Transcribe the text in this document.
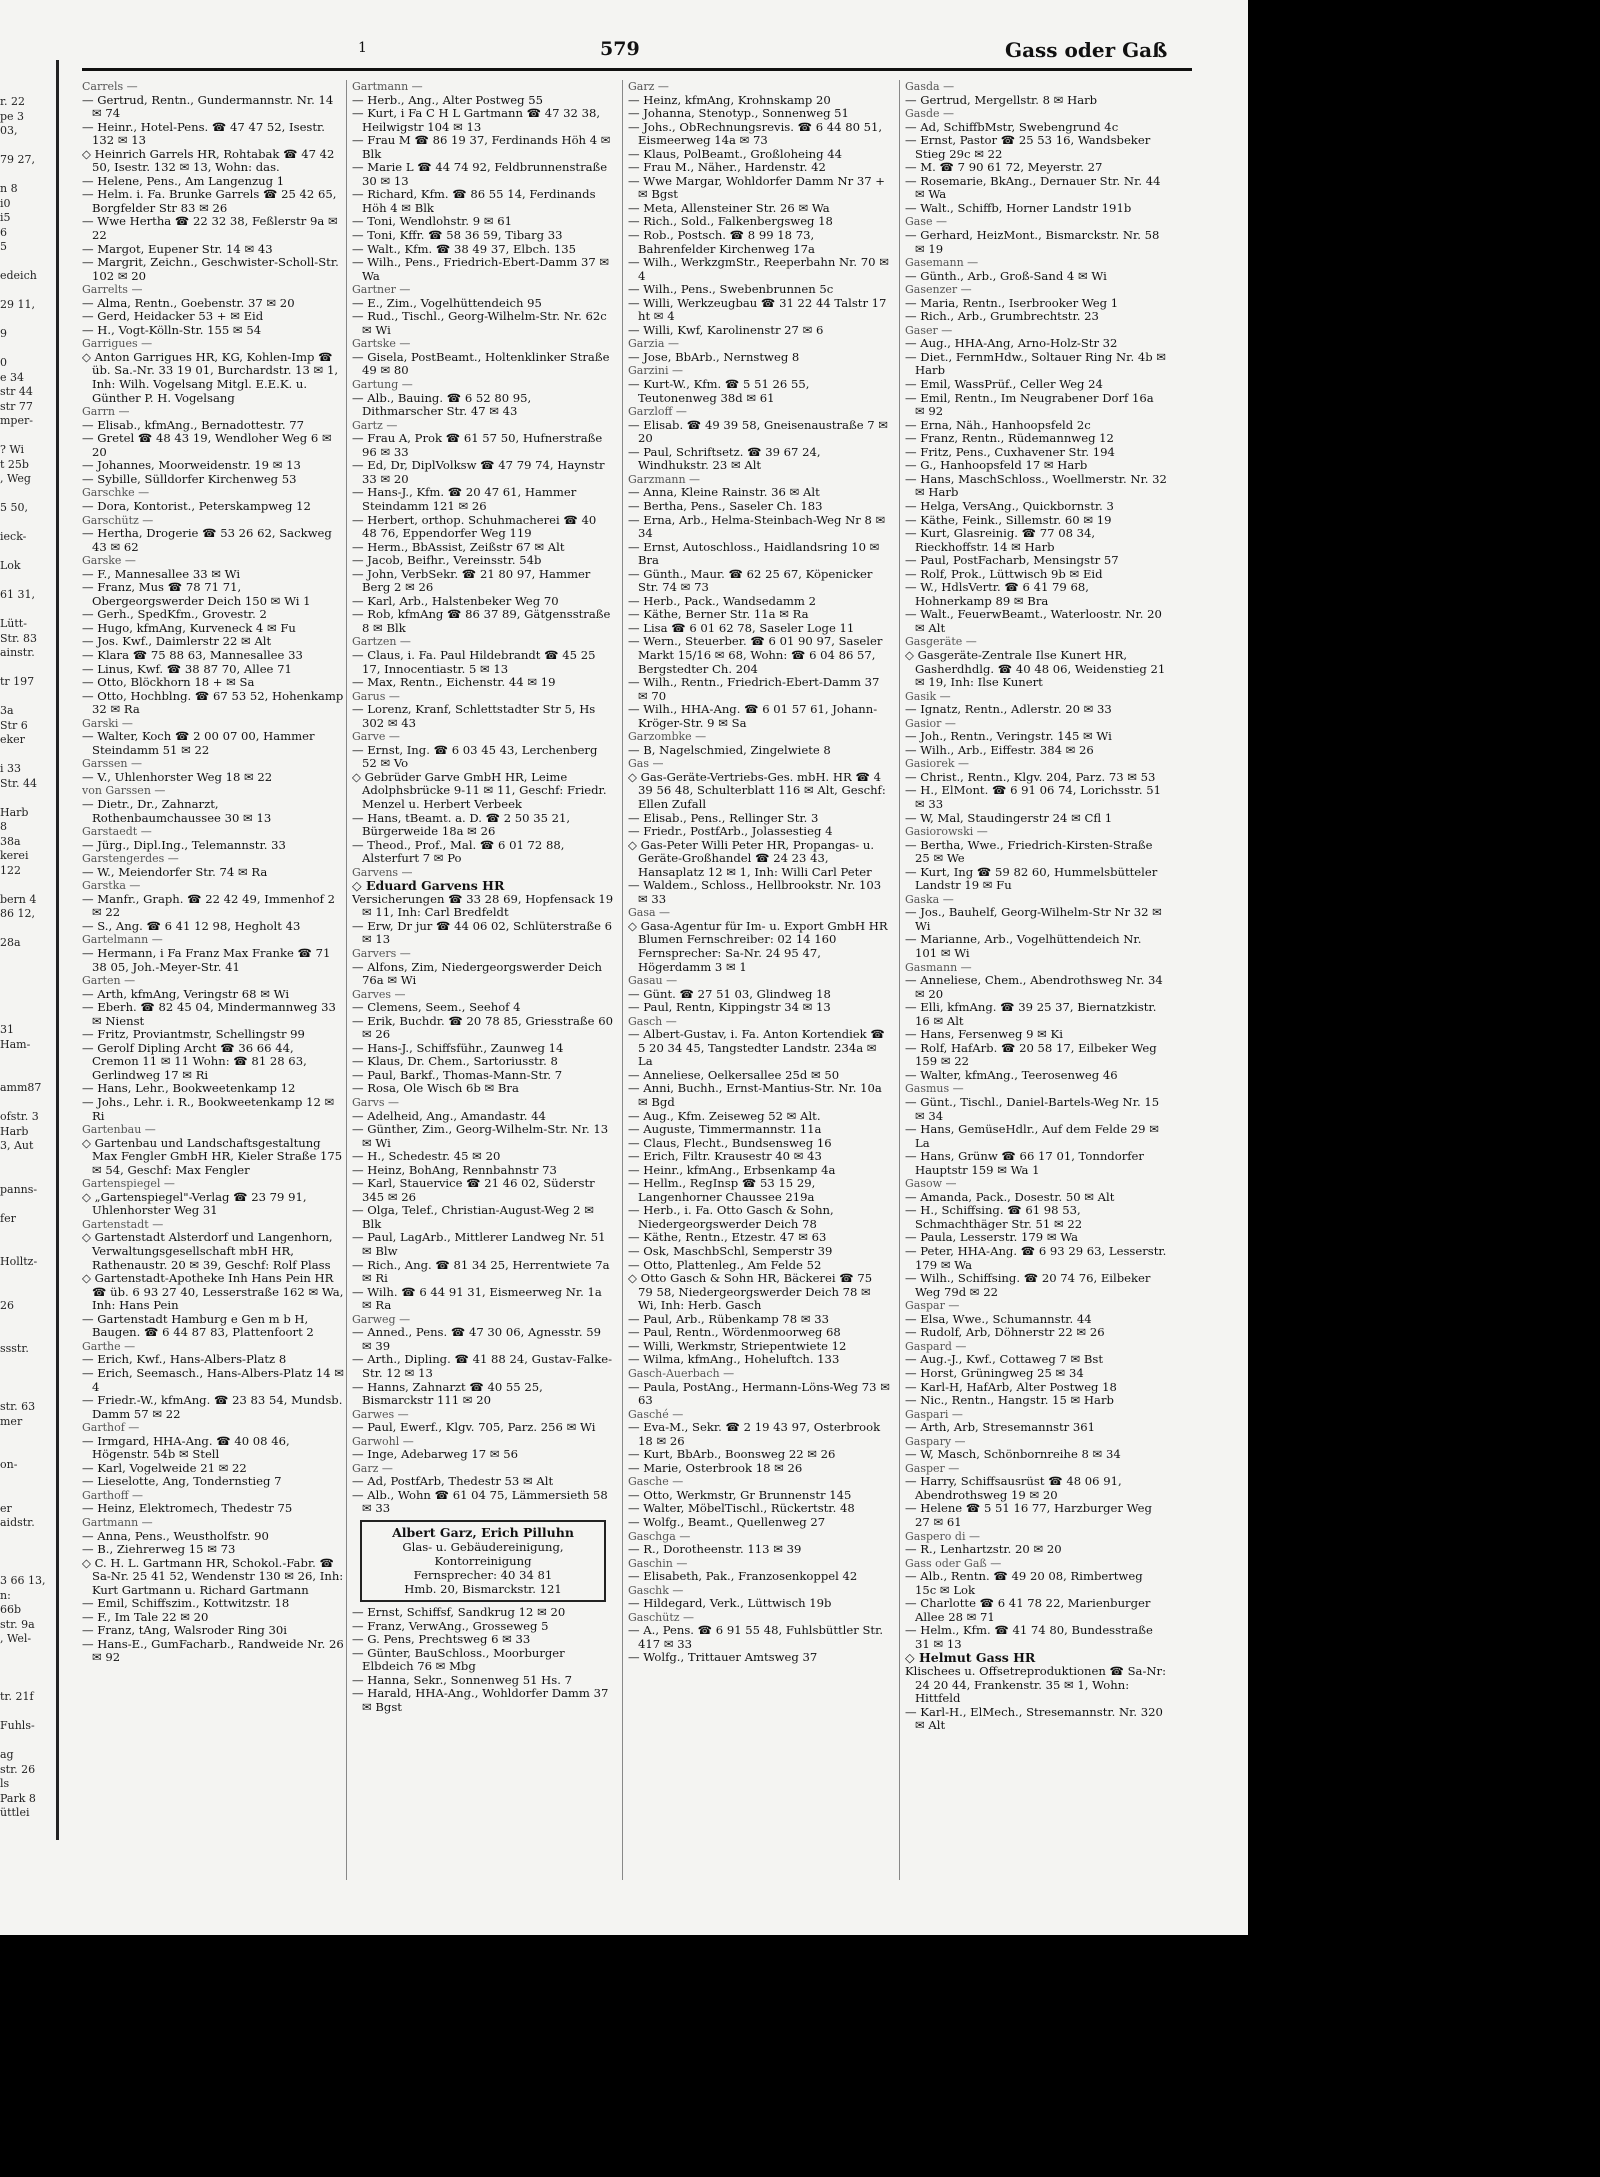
r. 22
pe 3
03,

79 27,

n 8
i0
i5
6
5

edeich

29 11,

9

0
e 34
str 44
str 77
mper-

? Wi
t 25b
, Weg

5 50,

ieck-

Lok

61 31,

Lütt-
Str. 83
ainstr.

tr 197

3a
Str 6
eker

i 33
Str. 44

Harb
8
38a
kerei
122

bern 4
86 12,

28a

31
Ham-

amm87

ofstr. 3
Harb
3, Aut

panns-

fer

Holltz-

26

ssstr.

str. 63
mer

on-

er
aidstr.

3 66 13,
n:
66b
str. 9a
, Wel-

tr. 21f

Fuhls-

ag
str. 26
ls
Park 8
üttlei
1	579	Gass oder Gaß

Carrels —

— Gertrud, Rentn., Gundermannstr. Nr. 14 ✉ 74

— Heinr., Hotel-Pens. ☎ 47 47 52, Isestr. 132 ✉ 13

◇ Heinrich Garrels HR, Rohtabak ☎ 47 42 50, Isestr. 132 ✉ 13, Wohn: das.

— Helene, Pens., Am Langenzug 1

— Helm. i. Fa. Brunke Garrels ☎ 25 42 65, Borgfelder Str 83 ✉ 26

— Wwe Hertha ☎ 22 32 38, Feßlerstr 9a ✉ 22

— Margot, Eupener Str. 14 ✉ 43

— Margrit, Zeichn., Geschwister-Scholl-Str. 102 ✉ 20

Garrelts —

— Alma, Rentn., Goebenstr. 37 ✉ 20

— Gerd, Heidacker 53 + ✉ Eid

— H., Vogt-Kölln-Str. 155 ✉ 54

Garrigues —

◇ Anton Garrigues HR, KG, Kohlen-Imp ☎ üb. Sa.-Nr. 33 19 01, Burchardstr. 13 ✉ 1, Inh: Wilh. Vogelsang Mitgl. E.E.K. u. Günther P. H. Vogelsang

Garrn —

— Elisab., kfmAng., Bernadottestr. 77

— Gretel ☎ 48 43 19, Wendloher Weg 6 ✉ 20

— Johannes, Moorweidenstr. 19 ✉ 13

— Sybille, Sülldorfer Kirchenweg 53

Garschke —

— Dora, Kontorist., Peterskampweg 12

Garschütz —

— Hertha, Drogerie ☎ 53 26 62, Sackweg 43 ✉ 62

Garske —

— F., Mannesallee 33 ✉ Wi

— Franz, Mus ☎ 78 71 71, Obergeorgswerder Deich 150 ✉ Wi 1

— Gerh., SpedKfm., Grovestr. 2

— Hugo, kfmAng, Kurveneck 4 ✉ Fu

— Jos. Kwf., Daimlerstr 22 ✉ Alt

— Klara ☎ 75 88 63, Mannesallee 33

— Linus, Kwf. ☎ 38 87 70, Allee 71

— Otto, Blöckhorn 18 + ✉ Sa

— Otto, Hochblng. ☎ 67 53 52, Hohenkamp 32 ✉ Ra

Garski —

— Walter, Koch ☎ 2 00 07 00, Hammer Steindamm 51 ✉ 22

Garssen —

— V., Uhlenhorster Weg 18 ✉ 22

von Garssen —

— Dietr., Dr., Zahnarzt, Rothenbaumchaussee 30 ✉ 13

Garstaedt —

— Jürg., Dipl.Ing., Telemannstr. 33

Garstengerdes —

— W., Meiendorfer Str. 74 ✉ Ra

Garstka —

— Manfr., Graph. ☎ 22 42 49, Immenhof 2 ✉ 22

— S., Ang. ☎ 6 41 12 98, Hegholt 43

Gartelmann —

— Hermann, i Fa Franz Max Franke ☎ 71 38 05, Joh.-Meyer-Str. 41

Garten —

— Arth, kfmAng, Veringstr 68 ✉ Wi

— Eberh. ☎ 82 45 04, Mindermannweg 33 ✉ Nienst

— Fritz, Proviantmstr, Schellingstr 99

— Gerolf Dipling Archt ☎ 36 66 44, Cremon 11 ✉ 11 Wohn: ☎ 81 28 63, Gerlindweg 17 ✉ Ri

— Hans, Lehr., Bookweetenkamp 12

— Johs., Lehr. i. R., Bookweetenkamp 12 ✉ Ri

Gartenbau —

◇ Gartenbau und Landschaftsgestaltung Max Fengler GmbH HR, Kieler Straße 175 ✉ 54, Geschf: Max Fengler

Gartenspiegel —

◇ „Gartenspiegel"-Verlag ☎ 23 79 91, Uhlenhorster Weg 31

Gartenstadt —

◇ Gartenstadt Alsterdorf und Langenhorn, Verwaltungsgesellschaft mbH HR, Rathenaustr. 20 ✉ 39, Geschf: Rolf Plass

◇ Gartenstadt-Apotheke Inh Hans Pein HR ☎ üb. 6 93 27 40, Lesserstraße 162 ✉ Wa, Inh: Hans Pein

— Gartenstadt Hamburg e Gen m b H, Baugen. ☎ 6 44 87 83, Plattenfoort 2

Garthe —

— Erich, Kwf., Hans-Albers-Platz 8

— Erich, Seemasch., Hans-Albers-Platz 14 ✉ 4

— Friedr.-W., kfmAng. ☎ 23 83 54, Mundsb. Damm 57 ✉ 22

Garthof —

— Irmgard, HHA-Ang. ☎ 40 08 46, Högenstr. 54b ✉ Stell

— Karl, Vogelweide 21 ✉ 22

— Lieselotte, Ang, Tondernstieg 7

Garthoff —

— Heinz, Elektromech, Thedestr 75

Gartmann —

— Anna, Pens., Weustholfstr. 90

— B., Ziehrerweg 15 ✉ 73

◇ C. H. L. Gartmann HR, Schokol.-Fabr. ☎ Sa-Nr. 25 41 52, Wendenstr 130 ✉ 26, Inh: Kurt Gartmann u. Richard Gartmann

— Emil, Schiffszim., Kottwitzstr. 18

— F., Im Tale 22 ✉ 20

— Franz, tAng, Walsroder Ring 30i

— Hans-E., GumFacharb., Randweide Nr. 26 ✉ 92

Gartmann —

— Herb., Ang., Alter Postweg 55

— Kurt, i Fa C H L Gartmann ☎ 47 32 38, Heilwigstr 104 ✉ 13

— Frau M ☎ 86 19 37, Ferdinands Höh 4 ✉ Blk

— Marie L ☎ 44 74 92, Feldbrunnenstraße 30 ✉ 13

— Richard, Kfm. ☎ 86 55 14, Ferdinands Höh 4 ✉ Blk

— Toni, Wendlohstr. 9 ✉ 61

— Toni, Kffr. ☎ 58 36 59, Tibarg 33

— Walt., Kfm. ☎ 38 49 37, Elbch. 135

— Wilh., Pens., Friedrich-Ebert-Damm 37 ✉ Wa

Gartner —

— E., Zim., Vogelhüttendeich 95

— Rud., Tischl., Georg-Wilhelm-Str. Nr. 62c ✉ Wi

Gartske —

— Gisela, PostBeamt., Holtenklinker Straße 49 ✉ 80

Gartung —

— Alb., Bauing. ☎ 6 52 80 95, Dithmarscher Str. 47 ✉ 43

Gartz —

— Frau A, Prok ☎ 61 57 50, Hufnerstraße 96 ✉ 33

— Ed, Dr, DiplVolksw ☎ 47 79 74, Haynstr 33 ✉ 20

— Hans-J., Kfm. ☎ 20 47 61, Hammer Steindamm 121 ✉ 26

— Herbert, orthop. Schuhmacherei ☎ 40 48 76, Eppendorfer Weg 119

— Herm., BbAssist, Zeißstr 67 ✉ Alt

— Jacob, Beifhr., Vereinsstr. 54b

— John, VerbSekr. ☎ 21 80 97, Hammer Berg 2 ✉ 26

— Karl, Arb., Halstenbeker Weg 70

— Rob, kfmAng ☎ 86 37 89, Gätgensstraße 8 ✉ Blk

Gartzen —

— Claus, i. Fa. Paul Hildebrandt ☎ 45 25 17, Innocentiastr. 5 ✉ 13

— Max, Rentn., Eichenstr. 44 ✉ 19

Garus —

— Lorenz, Kranf, Schlettstadter Str 5, Hs 302 ✉ 43

Garve —

— Ernst, Ing. ☎ 6 03 45 43, Lerchenberg 52 ✉ Vo

◇ Gebrüder Garve GmbH HR, Leime Adolphsbrücke 9-11 ✉ 11, Geschf: Friedr. Menzel u. Herbert Verbeek

— Hans, tBeamt. a. D. ☎ 2 50 35 21, Bürgerweide 18a ✉ 26

— Theod., Prof., Mal. ☎ 6 01 72 88, Alsterfurt 7 ✉ Po

Garvens —

◇ Eduard Garvens HR

Versicherungen ☎ 33 28 69, Hopfensack 19 ✉ 11, Inh: Carl Bredfeldt

— Erw, Dr jur ☎ 44 06 02, Schlüterstraße 6 ✉ 13

Garvers —

— Alfons, Zim, Niedergeorgswerder Deich 76a ✉ Wi

Garves —

— Clemens, Seem., Seehof 4

— Erik, Buchdr. ☎ 20 78 85, Griesstraße 60 ✉ 26

— Hans-J., Schiffsführ., Zaunweg 14

— Klaus, Dr. Chem., Sartoriusstr. 8

— Paul, Barkf., Thomas-Mann-Str. 7

— Rosa, Ole Wisch 6b ✉ Bra

Garvs —

— Adelheid, Ang., Amandastr. 44

— Günther, Zim., Georg-Wilhelm-Str. Nr. 13 ✉ Wi

— H., Schedestr. 45 ✉ 20

— Heinz, BohAng, Rennbahnstr 73

— Karl, Stauervice ☎ 21 46 02, Süderstr 345 ✉ 26

— Olga, Telef., Christian-August-Weg 2 ✉ Blk

— Paul, LagArb., Mittlerer Landweg Nr. 51 ✉ Blw

— Rich., Ang. ☎ 81 34 25, Herrentwiete 7a ✉ Ri

— Wilh. ☎ 6 44 91 31, Eismeerweg Nr. 1a ✉ Ra

Garweg —

— Anned., Pens. ☎ 47 30 06, Agnesstr. 59 ✉ 39

— Arth., Dipling. ☎ 41 88 24, Gustav-Falke-Str. 12 ✉ 13

— Hanns, Zahnarzt ☎ 40 55 25, Bismarckstr 111 ✉ 20

Garwes —

— Paul, Ewerf., Klgv. 705, Parz. 256 ✉ Wi

Garwohl —

— Inge, Adebarweg 17 ✉ 56

Garz —

— Ad, PostfArb, Thedestr 53 ✉ Alt

— Alb., Wohn ☎ 61 04 75, Lämmersieth 58 ✉ 33

Albert Garz, Erich Pilluhn
Glas- u. Gebäudereinigung, Kontorreinigung
Fernsprecher: 40 34 81
Hmb. 20, Bismarckstr. 121

— Ernst, Schiffsf, Sandkrug 12 ✉ 20

— Franz, VerwAng., Grosseweg 5

— G. Pens, Prechtsweg 6 ✉ 33

— Günter, BauSchloss., Moorburger Elbdeich 76 ✉ Mbg

— Hanna, Sekr., Sonnenweg 51 Hs. 7

— Harald, HHA-Ang., Wohldorfer Damm 37 ✉ Bgst

Garz —

— Heinz, kfmAng, Krohnskamp 20

— Johanna, Stenotyp., Sonnenweg 51

— Johs., ObRechnungsrevis. ☎ 6 44 80 51, Eismeerweg 14a ✉ 73

— Klaus, PolBeamt., Großloheing 44

— Frau M., Näher., Hardenstr. 42

— Wwe Margar, Wohldorfer Damm Nr 37 + ✉ Bgst

— Meta, Allensteiner Str. 26 ✉ Wa

— Rich., Sold., Falkenbergsweg 18

— Rob., Postsch. ☎ 8 99 18 73, Bahrenfelder Kirchenweg 17a

— Wilh., WerkzgmStr., Reeperbahn Nr. 70 ✉ 4

— Wilh., Pens., Swebenbrunnen 5c

— Willi, Werkzeugbau ☎ 31 22 44 Talstr 17 ht ✉ 4

— Willi, Kwf, Karolinenstr 27 ✉ 6

Garzia —

— Jose, BbArb., Nernstweg 8

Garzini —

— Kurt-W., Kfm. ☎ 5 51 26 55, Teutonenweg 38d ✉ 61

Garzloff —

— Elisab. ☎ 49 39 58, Gneisenaustraße 7 ✉ 20

— Paul, Schriftsetz. ☎ 39 67 24, Windhukstr. 23 ✉ Alt

Garzmann —

— Anna, Kleine Rainstr. 36 ✉ Alt

— Bertha, Pens., Saseler Ch. 183

— Erna, Arb., Helma-Steinbach-Weg Nr 8 ✉ 34

— Ernst, Autoschloss., Haidlandsring 10 ✉ Bra

— Günth., Maur. ☎ 62 25 67, Köpenicker Str. 74 ✉ 73

— Herb., Pack., Wandsedamm 2

— Käthe, Berner Str. 11a ✉ Ra

— Lisa ☎ 6 01 62 78, Saseler Loge 11

— Wern., Steuerber. ☎ 6 01 90 97, Saseler Markt 15/16 ✉ 68, Wohn: ☎ 6 04 86 57, Bergstedter Ch. 204

— Wilh., Rentn., Friedrich-Ebert-Damm 37 ✉ 70

— Wilh., HHA-Ang. ☎ 6 01 57 61, Johann-Kröger-Str. 9 ✉ Sa

Garzombke —

— B, Nagelschmied, Zingelwiete 8

Gas —

◇ Gas-Geräte-Vertriebs-Ges. mbH. HR ☎ 4 39 56 48, Schulterblatt 116 ✉ Alt, Geschf: Ellen Zufall

— Elisab., Pens., Rellinger Str. 3

— Friedr., PostfArb., Jolassestieg 4

◇ Gas-Peter Willi Peter HR, Propangas- u. Geräte-Großhandel ☎ 24 23 43, Hansaplatz 12 ✉ 1, Inh: Willi Carl Peter

— Waldem., Schloss., Hellbrookstr. Nr. 103 ✉ 33

Gasa —

◇ Gasa-Agentur für Im- u. Export GmbH HR Blumen Fernschreiber: 02 14 160 Fernsprecher: Sa-Nr. 24 95 47, Högerdamm 3 ✉ 1

Gasau —

— Günt. ☎ 27 51 03, Glindweg 18

— Paul, Rentn, Kippingstr 34 ✉ 13

Gasch —

— Albert-Gustav, i. Fa. Anton Kortendiek ☎ 5 20 34 45, Tangstedter Landstr. 234a ✉ La

— Anneliese, Oelkersallee 25d ✉ 50

— Anni, Buchh., Ernst-Mantius-Str. Nr. 10a ✉ Bgd

— Aug., Kfm. Zeiseweg 52 ✉ Alt.

— Auguste, Timmermannstr. 11a

— Claus, Flecht., Bundsensweg 16

— Erich, Filtr. Krausestr 40 ✉ 43

— Heinr., kfmAng., Erbsenkamp 4a

— Hellm., RegInsp ☎ 53 15 29, Langenhorner Chaussee 219a

— Herb., i. Fa. Otto Gasch & Sohn, Niedergeorgswerder Deich 78

— Käthe, Rentn., Etzestr. 47 ✉ 63

— Osk, MaschbSchl, Semperstr 39

— Otto, Plattenleg., Am Felde 52

◇ Otto Gasch & Sohn HR, Bäckerei ☎ 75 79 58, Niedergeorgswerder Deich 78 ✉ Wi, Inh: Herb. Gasch

— Paul, Arb., Rübenkamp 78 ✉ 33

— Paul, Rentn., Wördenmoorweg 68

— Willi, Werkmstr, Striepentwiete 12

— Wilma, kfmAng., Hoheluftch. 133

Gasch-Auerbach —

— Paula, PostAng., Hermann-Löns-Weg 73 ✉ 63

Gasché —

— Eva-M., Sekr. ☎ 2 19 43 97, Osterbrook 18 ✉ 26

— Kurt, BbArb., Boonsweg 22 ✉ 26

— Marie, Osterbrook 18 ✉ 26

Gasche —

— Otto, Werkmstr, Gr Brunnenstr 145

— Walter, MöbelTischl., Rückertstr. 48

— Wolfg., Beamt., Quellenweg 27

Gaschga —

— R., Dorotheenstr. 113 ✉ 39

Gaschin —

— Elisabeth, Pak., Franzosenkoppel 42

Gaschk —

— Hildegard, Verk., Lüttwisch 19b

Gaschütz —

— A., Pens. ☎ 6 91 55 48, Fuhlsbüttler Str. 417 ✉ 33

— Wolfg., Trittauer Amtsweg 37

Gasda —

— Gertrud, Mergellstr. 8 ✉ Harb

Gasde —

— Ad, SchiffbMstr, Swebengrund 4c

— Ernst, Pastor ☎ 25 53 16, Wandsbeker Stieg 29c ✉ 22

— M. ☎ 7 90 61 72, Meyerstr. 27

— Rosemarie, BkAng., Dernauer Str. Nr. 44 ✉ Wa

— Walt., Schiffb, Horner Landstr 191b

Gase —

— Gerhard, HeizMont., Bismarckstr. Nr. 58 ✉ 19

Gasemann —

— Günth., Arb., Groß-Sand 4 ✉ Wi

Gasenzer —

— Maria, Rentn., Iserbrooker Weg 1

— Rich., Arb., Grumbrechtstr. 23

Gaser —

— Aug., HHA-Ang, Arno-Holz-Str 32

— Diet., FernmHdw., Soltauer Ring Nr. 4b ✉ Harb

— Emil, WassPrüf., Celler Weg 24

— Emil, Rentn., Im Neugrabener Dorf 16a ✉ 92

— Erna, Näh., Hanhoopsfeld 2c

— Franz, Rentn., Rüdemannweg 12

— Fritz, Pens., Cuxhavener Str. 194

— G., Hanhoopsfeld 17 ✉ Harb

— Hans, MaschSchloss., Woellmerstr. Nr. 32 ✉ Harb

— Helga, VersAng., Quickbornstr. 3

— Käthe, Feink., Sillemstr. 60 ✉ 19

— Kurt, Glasreinig. ☎ 77 08 34, Rieckhoffstr. 14 ✉ Harb

— Paul, PostFacharb, Mensingstr 57

— Rolf, Prok., Lüttwisch 9b ✉ Eid

— W., HdlsVertr. ☎ 6 41 79 68, Hohnerkamp 89 ✉ Bra

— Walt., FeuerwBeamt., Waterloostr. Nr. 20 ✉ Alt

Gasgeräte —

◇ Gasgeräte-Zentrale Ilse Kunert HR, Gasherdhdlg. ☎ 40 48 06, Weidenstieg 21 ✉ 19, Inh: Ilse Kunert

Gasik —

— Ignatz, Rentn., Adlerstr. 20 ✉ 33

Gasior —

— Joh., Rentn., Veringstr. 145 ✉ Wi

— Wilh., Arb., Eiffestr. 384 ✉ 26

Gasiorek —

— Christ., Rentn., Klgv. 204, Parz. 73 ✉ 53

— H., ElMont. ☎ 6 91 06 74, Lorichsstr. 51 ✉ 33

— W, Mal, Staudingerstr 24 ✉ Cfl 1

Gasiorowski —

— Bertha, Wwe., Friedrich-Kirsten-Straße 25 ✉ We

— Kurt, Ing ☎ 59 82 60, Hummelsbütteler Landstr 19 ✉ Fu

Gaska —

— Jos., Bauhelf, Georg-Wilhelm-Str Nr 32 ✉ Wi

— Marianne, Arb., Vogelhüttendeich Nr. 101 ✉ Wi

Gasmann —

— Anneliese, Chem., Abendrothsweg Nr. 34 ✉ 20

— Elli, kfmAng. ☎ 39 25 37, Biernatzkistr. 16 ✉ Alt

— Hans, Fersenweg 9 ✉ Ki

— Rolf, HafArb. ☎ 20 58 17, Eilbeker Weg 159 ✉ 22

— Walter, kfmAng., Teerosenweg 46

Gasmus —

— Günt., Tischl., Daniel-Bartels-Weg Nr. 15 ✉ 34

— Hans, GemüseHdlr., Auf dem Felde 29 ✉ La

— Hans, Grünw ☎ 66 17 01, Tonndorfer Hauptstr 159 ✉ Wa 1

Gasow —

— Amanda, Pack., Dosestr. 50 ✉ Alt

— H., Schiffsing. ☎ 61 98 53, Schmachthäger Str. 51 ✉ 22

— Paula, Lesserstr. 179 ✉ Wa

— Peter, HHA-Ang. ☎ 6 93 29 63, Lesserstr. 179 ✉ Wa

— Wilh., Schiffsing. ☎ 20 74 76, Eilbeker Weg 79d ✉ 22

Gaspar —

— Elsa, Wwe., Schumannstr. 44

— Rudolf, Arb, Döhnerstr 22 ✉ 26

Gaspard —

— Aug.-J., Kwf., Cottaweg 7 ✉ Bst

— Horst, Grüningweg 25 ✉ 34

— Karl-H, HafArb, Alter Postweg 18

— Nic., Rentn., Hangstr. 15 ✉ Harb

Gaspari —

— Arth, Arb, Stresemannstr 361

Gaspary —

— W, Masch, Schönbornreihe 8 ✉ 34

Gasper —

— Harry, Schiffsausrüst ☎ 48 06 91, Abendrothsweg 19 ✉ 20

— Helene ☎ 5 51 16 77, Harzburger Weg 27 ✉ 61

Gaspero di —

— R., Lenhartzstr. 20 ✉ 20

Gass oder Gaß —

— Alb., Rentn. ☎ 49 20 08, Rimbertweg 15c ✉ Lok

— Charlotte ☎ 6 41 78 22, Marienburger Allee 28 ✉ 71

— Helm., Kfm. ☎ 41 74 80, Bundesstraße 31 ✉ 13

◇ Helmut Gass HR

Klischees u. Offsetreproduktionen ☎ Sa-Nr: 24 20 44, Frankenstr. 35 ✉ 1, Wohn: Hittfeld

— Karl-H., ElMech., Stresemannstr. Nr. 320 ✉ Alt
